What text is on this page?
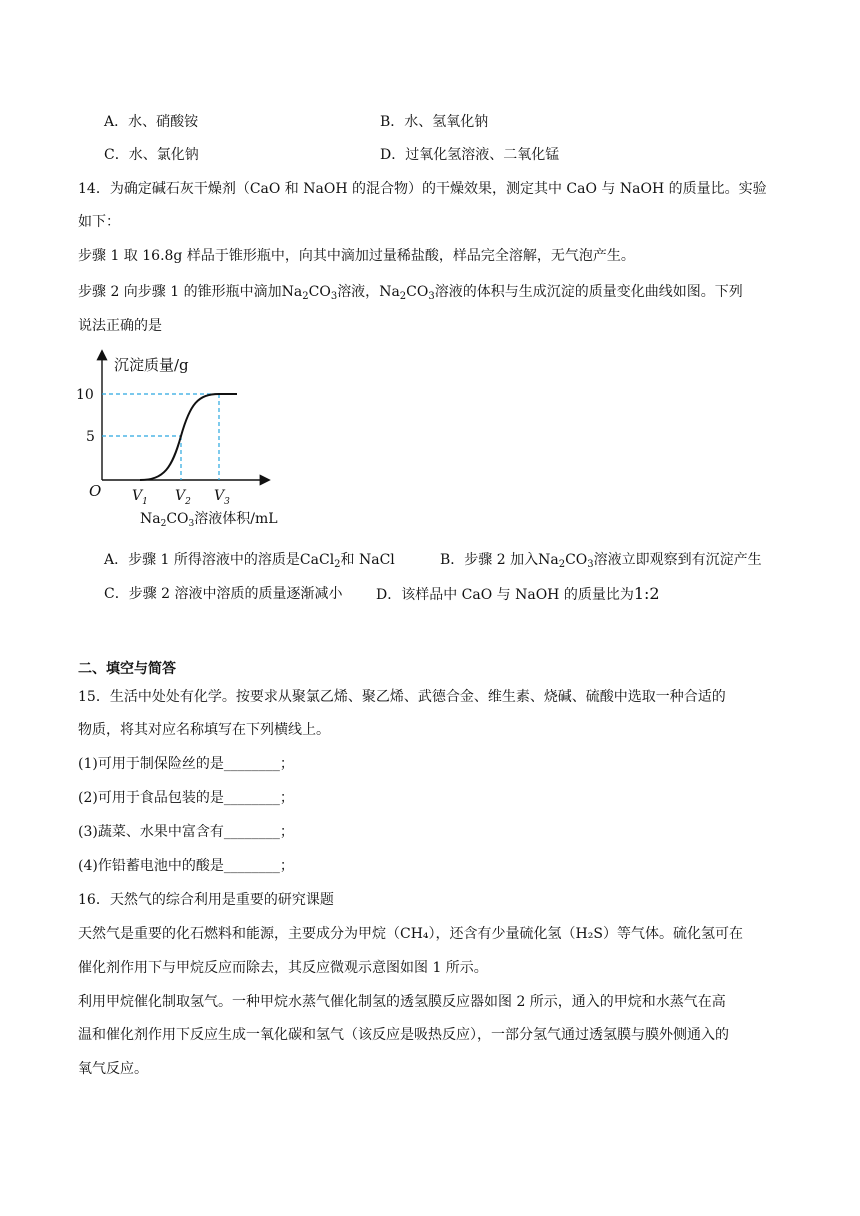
A．水、硝酸铵	B．水、氢氧化钠
C．水、氯化钠	D．过氧化氢溶液、二氧化锰
14．为确定碱石灰干燥剂（CaO 和 NaOH 的混合物）的干燥效果，测定其中 CaO 与 NaOH 的质量比。实验
如下：
步骤 1 取 16.8g 样品于锥形瓶中，向其中滴加过量稀盐酸，样品完全溶解，无气泡产生。
步骤 2 向步骤 1 的锥形瓶中滴加$Na_2CO_3$溶液，$Na_2CO_3$溶液的体积与生成沉淀的质量变化曲线如图。下列
说法正确的是
沉淀质量/g
10
5
O $V_1$ $V_2$ $V_3$
$Na_2CO_3$溶液体积/mL
A．步骤 1 所得溶液中的溶质是CaCl$_2$和 NaCl	B．步骤 2 加入$Na_2CO_3$溶液立即观察到有沉淀产生
C．步骤 2 溶液中溶质的质量逐渐减小 D．该样品中 CaO 与 NaOH 的质量比为1:2
二、填空与简答
15．生活中处处有化学。按要求从聚氯乙烯、聚乙烯、武德合金、维生素、烧碱、硫酸中选取一种合适的
物质，将其对应名称填写在下列横线上。
(1)可用于制保险丝的是________；
(2)可用于食品包装的是________；
(3)蔬菜、水果中富含有________；
(4)作铅蓄电池中的酸是________；
16．天然气的综合利用是重要的研究课题
天然气是重要的化石燃料和能源，主要成分为甲烷（CH₄），还含有少量硫化氢（H₂S）等气体。硫化氢可在
催化剂作用下与甲烷反应而除去，其反应微观示意图如图 1 所示。
利用甲烷催化制取氢气。一种甲烷水蒸气催化制氢的透氢膜反应器如图 2 所示，通入的甲烷和水蒸气在高
温和催化剂作用下反应生成一氧化碳和氢气（该反应是吸热反应），一部分氢气通过透氢膜与膜外侧通入的
氧气反应。
